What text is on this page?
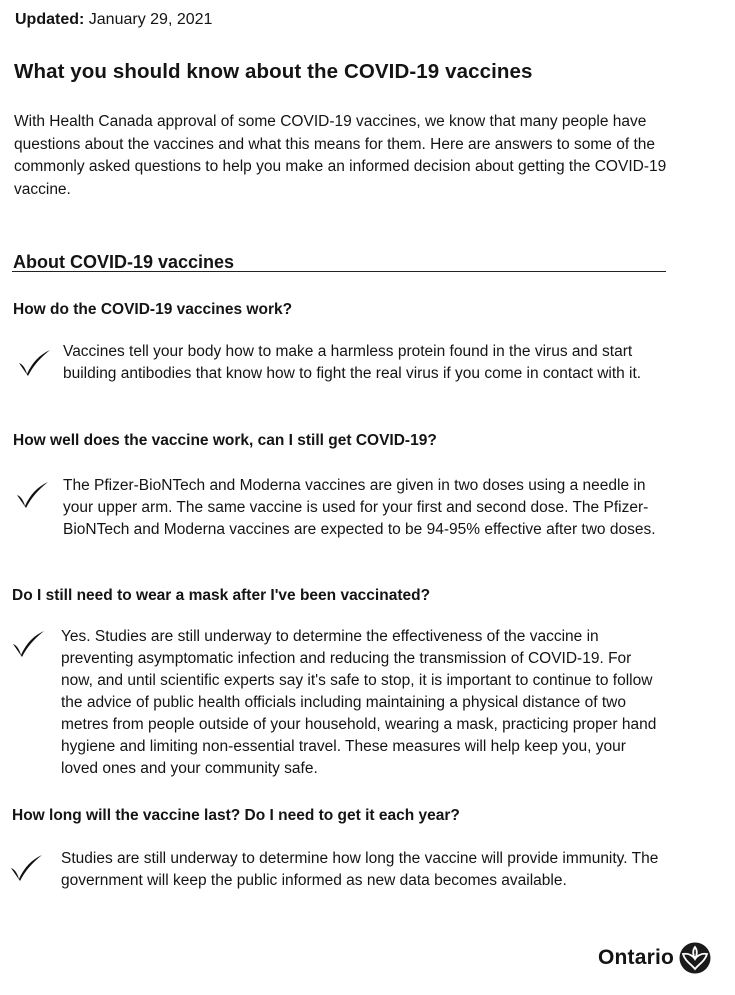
Updated: January 29, 2021
What you should know about the COVID-19 vaccines
With Health Canada approval of some COVID-19 vaccines, we know that many people have questions about the vaccines and what this means for them. Here are answers to some of the commonly asked questions to help you make an informed decision about getting the COVID-19 vaccine.
About COVID-19 vaccines
How do the COVID-19 vaccines work?
Vaccines tell your body how to make a harmless protein found in the virus and start building antibodies that know how to fight the real virus if you come in contact with it.
How well does the vaccine work, can I still get COVID-19?
The Pfizer-BioNTech and Moderna vaccines are given in two doses using a needle in your upper arm. The same vaccine is used for your first and second dose. The Pfizer-BioNTech and Moderna vaccines are expected to be 94-95% effective after two doses.
Do I still need to wear a mask after I've been vaccinated?
Yes. Studies are still underway to determine the effectiveness of the vaccine in preventing asymptomatic infection and reducing the transmission of COVID-19. For now, and until scientific experts say it's safe to stop, it is important to continue to follow the advice of public health officials including maintaining a physical distance of two metres from people outside of your household, wearing a mask, practicing proper hand hygiene and limiting non-essential travel. These measures will help keep you, your loved ones and your community safe.
How long will the vaccine last? Do I need to get it each year?
Studies are still underway to determine how long the vaccine will provide immunity. The government will keep the public informed as new data becomes available.
Ontario
